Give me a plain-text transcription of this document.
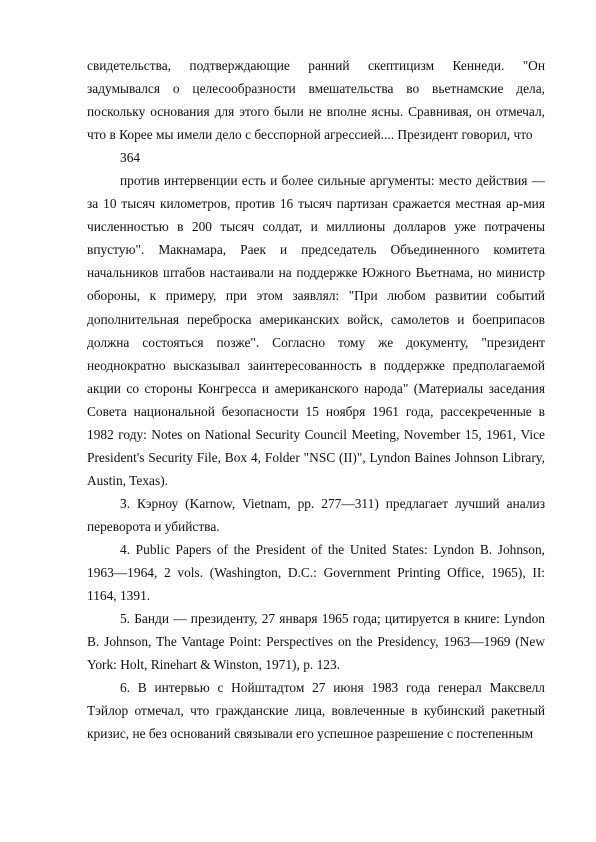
свидетельства, подтверждающие ранний скептицизм Кеннеди. "Он задумывался о целесообразности вмешательства во вьетнамские дела, поскольку основания для этого были не вполне ясны. Сравнивая, он отмечал, что в Корее мы имели дело с бесспорной агрессией.... Президент говорил, что

364

против интервенции есть и более сильные аргументы: место действия — за 10 тысяч километров, против 16 тысяч партизан сражается местная ар-мия численностью в 200 тысяч солдат, и миллионы долларов уже потрачены впустую". Макнамара, Раек и председатель Объединенного комитета начальников штабов настаивали на поддержке Южного Вьетнама, но министр обороны, к примеру, при этом заявлял: "При любом развитии событий дополнительная переброска американских войск, самолетов и боеприпасов должна состояться позже". Согласно тому же документу, "президент неоднократно высказывал заинтересованность в поддержке предполагаемой акции со стороны Конгресса и американского народа" (Материалы заседания Совета национальной безопасности 15 ноября 1961 года, рассекреченные в 1982 году: Notes on National Security Council Meeting, November 15, 1961, Vice President's Security File, Box 4, Folder "NSC (II)", Lyndon Baines Johnson Library, Austin, Texas).

3. Кэрноу (Karnow, Vietnam, pp. 277—311) предлагает лучший анализ переворота и убийства.

4. Public Papers of the President of the United States: Lyndon B. Johnson, 1963—1964, 2 vols. (Washington, D.C.: Government Printing Office, 1965), II: 1164, 1391.

5. Банди — президенту, 27 января 1965 года; цитируется в книге: Lyndon B. Johnson, The Vantage Point: Perspectives on the Presidency, 1963—1969 (New York: Holt, Rinehart & Winston, 1971), p. 123.

6. В интервью с Нойштадтом 27 июня 1983 года генерал Максвелл Тэйлор отмечал, что гражданские лица, вовлеченные в кубинский ракетный кризис, не без оснований связывали его успешное разрешение с постепенным
